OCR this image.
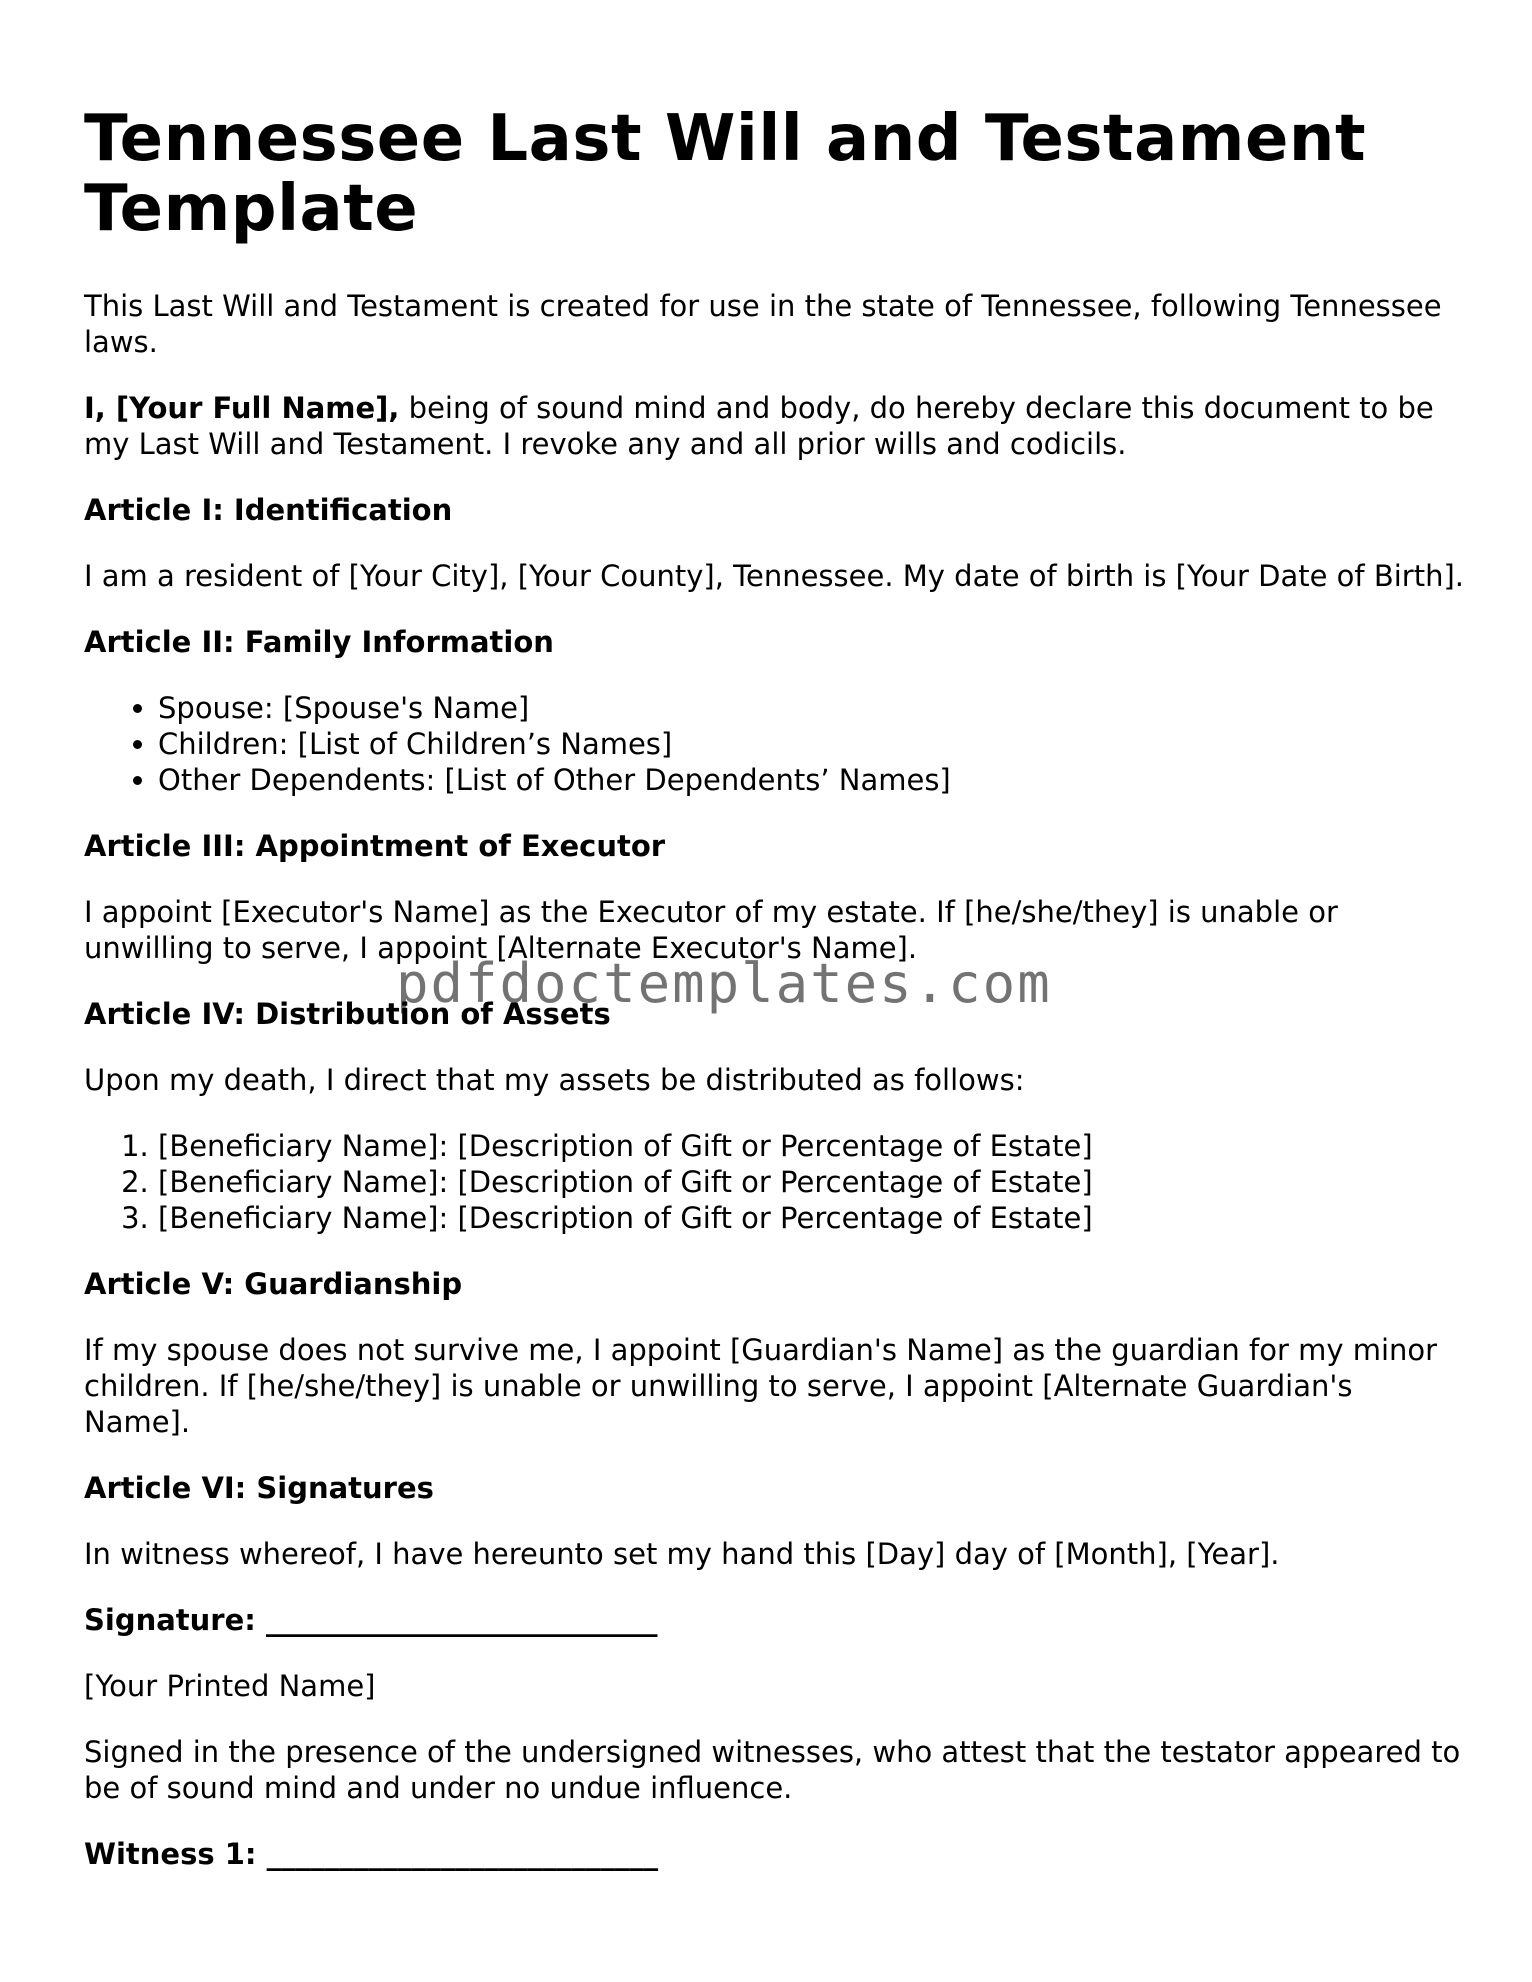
Tennessee Last Will and Testament Template

This Last Will and Testament is created for use in the state of Tennessee, following Tennessee laws.

I, [Your Full Name], being of sound mind and body, do hereby declare this document to be my Last Will and Testament. I revoke any and all prior wills and codicils.

Article I: Identification

I am a resident of [Your City], [Your County], Tennessee. My date of birth is [Your Date of Birth].

Article II: Family Information

• Spouse: [Spouse's Name]
• Children: [List of Children’s Names]
• Other Dependents: [List of Other Dependents’ Names]

Article III: Appointment of Executor

I appoint [Executor's Name] as the Executor of my estate. If [he/she/they] is unable or unwilling to serve, I appoint [Alternate Executor's Name].

Article IV: Distribution of Assets

Upon my death, I direct that my assets be distributed as follows:

1. [Beneficiary Name]: [Description of Gift or Percentage of Estate]
2. [Beneficiary Name]: [Description of Gift or Percentage of Estate]
3. [Beneficiary Name]: [Description of Gift or Percentage of Estate]

Article V: Guardianship

If my spouse does not survive me, I appoint [Guardian's Name] as the guardian for my minor children. If [he/she/they] is unable or unwilling to serve, I appoint [Alternate Guardian's Name].

Article VI: Signatures

In witness whereof, I have hereunto set my hand this [Day] day of [Month], [Year].

Signature: ___________________________

[Your Printed Name]

Signed in the presence of the undersigned witnesses, who attest that the testator appeared to be of sound mind and under no undue influence.

Witness 1: ___________________________

pdfdoctemplates.com
